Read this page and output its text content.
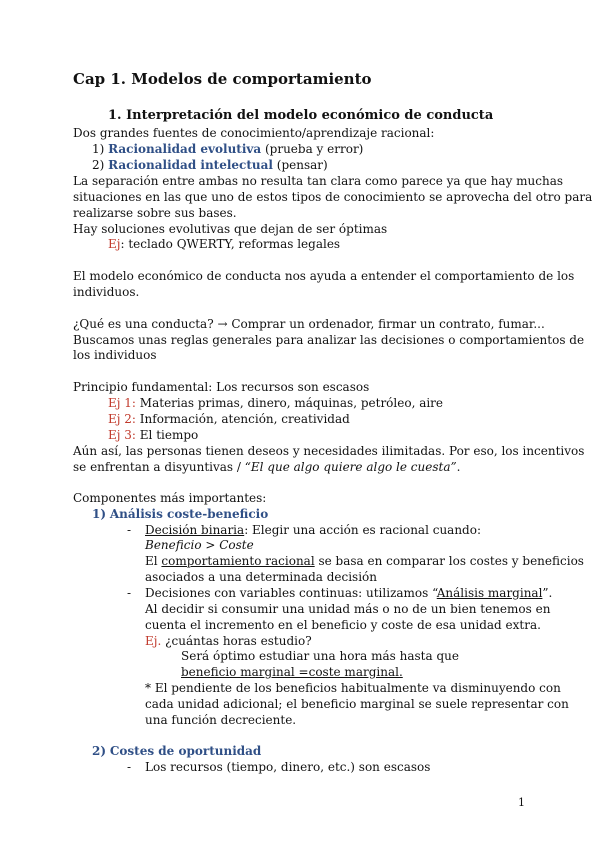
Cap 1. Modelos de comportamiento
1. Interpretación del modelo económico de conducta
Dos grandes fuentes de conocimiento/aprendizaje racional:
1) Racionalidad evolutiva (prueba y error)
2) Racionalidad intelectual (pensar)
La separación entre ambas no resulta tan clara como parece ya que hay muchas
situaciones en las que uno de estos tipos de conocimiento se aprovecha del otro para
realizarse sobre sus bases.
Hay soluciones evolutivas que dejan de ser óptimas
Ej: teclado QWERTY, reformas legales
El modelo económico de conducta nos ayuda a entender el comportamiento de los
individuos.
¿Qué es una conducta? → Comprar un ordenador, firmar un contrato, fumar...
Buscamos unas reglas generales para analizar las decisiones o comportamientos de
los individuos
Principio fundamental: Los recursos son escasos
Ej 1: Materias primas, dinero, máquinas, petróleo, aire
Ej 2: Información, atención, creatividad
Ej 3: El tiempo
Aún así, las personas tienen deseos y necesidades ilimitadas. Por eso, los incentivos
se enfrentan a disyuntivas / “El que algo quiere algo le cuesta”.
Componentes más importantes:
1) Análisis coste-beneficio
- Decisión binaria: Elegir una acción es racional cuando:
Beneficio > Coste
El comportamiento racional se basa en comparar los costes y beneficios
asociados a una determinada decisión
- Decisiones con variables continuas: utilizamos “Análisis marginal”.
Al decidir si consumir una unidad más o no de un bien tenemos en
cuenta el incremento en el beneficio y coste de esa unidad extra.
Ej. ¿cuántas horas estudio?
Será óptimo estudiar una hora más hasta que
beneficio marginal =coste marginal.
* El pendiente de los beneficios habitualmente va disminuyendo con
cada unidad adicional; el beneficio marginal se suele representar con
una función decreciente.
2) Costes de oportunidad
- Los recursos (tiempo, dinero, etc.) son escasos
1
